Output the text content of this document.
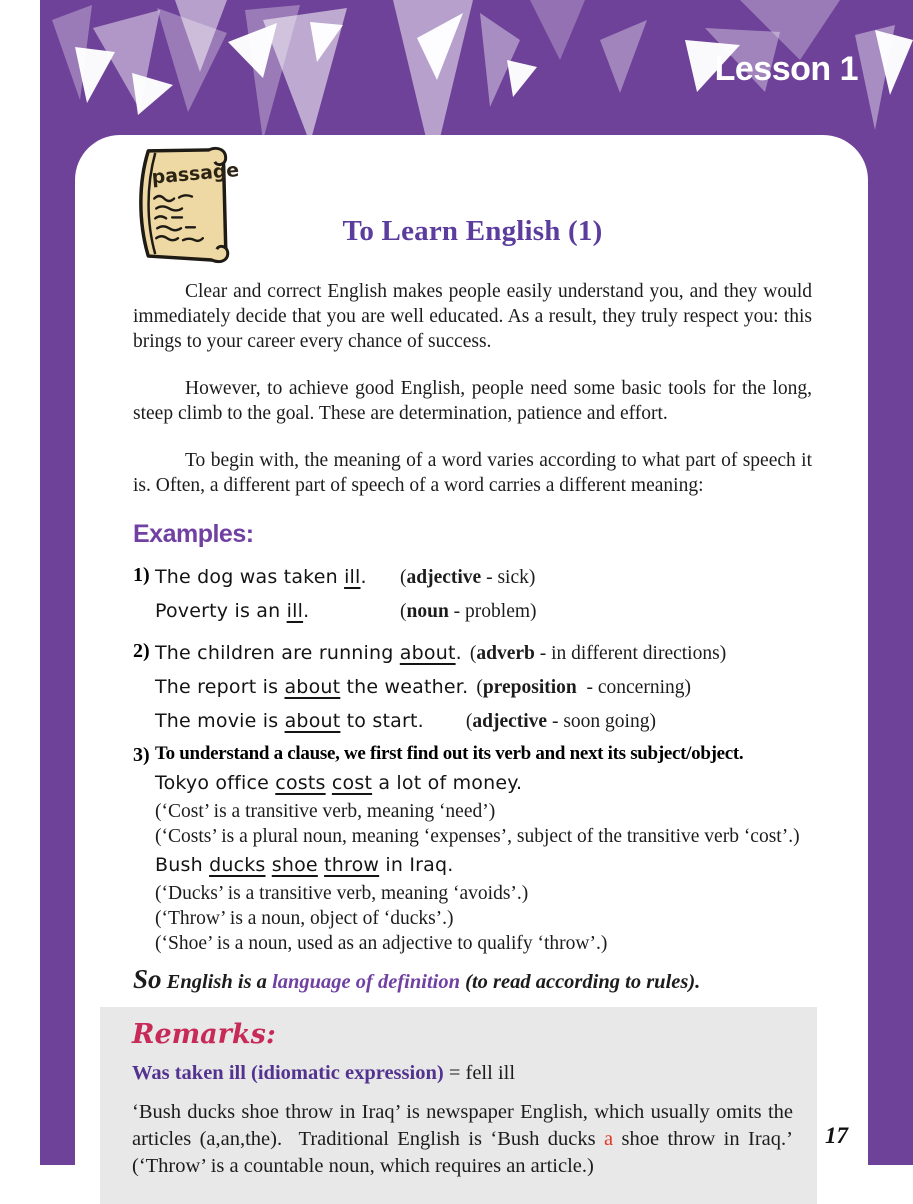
Lesson 1
passage
To Learn English (1)

Clear and correct English makes people easily understand you, and they would immediately decide that you are well educated. As a result, they truly respect you: this brings to your career every chance of success.

However, to achieve good English, people need some basic tools for the long, steep climb to the goal. These are determination, patience and effort.

To begin with, the meaning of a word varies according to what part of speech it is. Often, a different part of speech of a word carries a different meaning:

Examples:
1) The dog was taken ill. (adjective - sick)
Poverty is an ill.	(noun - problem)
2) The children are running about. (adverb - in different directions)
The report is about the weather. (preposition  - concerning)
The movie is about to start. (adjective - soon going)
3) To understand a clause, we first find out its verb and next its subject/object.
Tokyo office costs cost a lot of money.
(‘Cost’ is a transitive verb, meaning ‘need’)
(‘Costs’ is a plural noun, meaning ‘expenses’, subject of the transitive verb ‘cost’.)
Bush ducks shoe throw in Iraq.
(‘Ducks’ is a transitive verb, meaning ‘avoids’.)
(‘Throw’ is a noun, object of ‘ducks’.)
(‘Shoe’ is a noun, used as an adjective to qualify ‘throw’.)
So English is a language of definition (to read according to rules).
Remarks:
Was taken ill (idiomatic expression) = fell ill
‘Bush ducks shoe throw in Iraq’ is newspaper English, which usually omits the articles (a,an,the).  Traditional English is ‘Bush ducks a shoe throw in Iraq.’ (‘Throw’ is a countable noun, which requires an article.)
17
